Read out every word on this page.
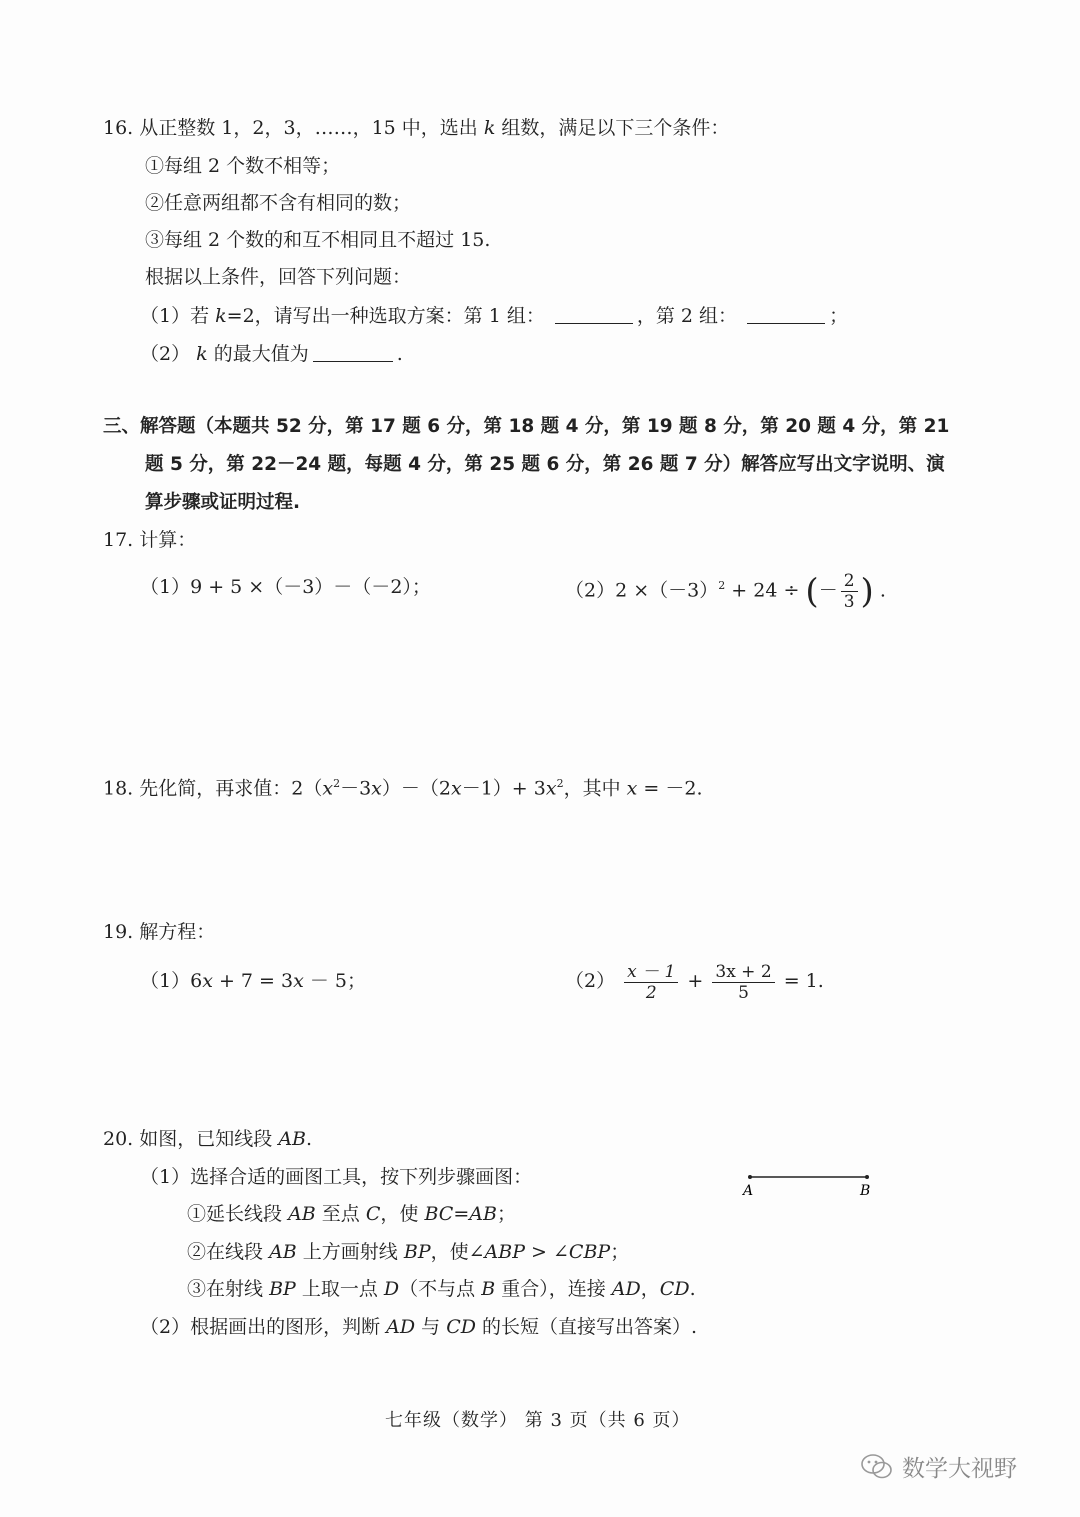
16. 从正整数 1，2，3，……，15 中，选出 k 组数，满足以下三个条件：
①每组 2 个数不相等；
②任意两组都不含有相同的数；
③每组 2 个数的和互不相同且不超过 15.
根据以上条件，回答下列问题：
（1）若 k=2，请写出一种选取方案：第 1 组：	，第 2 组：	；
（2） k 的最大值为	.
三、解答题（本题共 52 分，第 17 题 6 分，第 18 题 4 分，第 19 题 8 分，第 20 题 4 分，第 21
题 5 分，第 22－24 题，每题 4 分，第 25 题 6 分，第 26 题 7 分）解答应写出文字说明、演
算步骤或证明过程.
17. 计算：
（1）9 + 5 ×（－3）－（－2）；	$(2)2 \times(-3)^2 + 24$ ÷ (－ $\frac{2}{3}$ ) .
18. 先化简，再求值：$2(x^2-3x)-(2x-1)+ 3x^2$，其中 x = －2.
19. 解方程：
（1）6x + 7 = 3x － 5；	$(2) \frac{x - 1}{2} + \frac{3x + 2}{5} = 1$.
20. 如图，已知线段 AB.
（1）选择合适的画图工具，按下列步骤画图：
①延长线段 AB 至点 C，使 BC=AB；
②在线段 AB 上方画射线 BP，使∠ABP > ∠CBP；
③在射线 BP 上取一点 D（不与点 B 重合），连接 AD，CD.
（2）根据画出的图形，判断 AD 与 CD 的长短（直接写出答案）.
A	B
七年级（数学） 第 3 页（共 6 页）
数学大视野
